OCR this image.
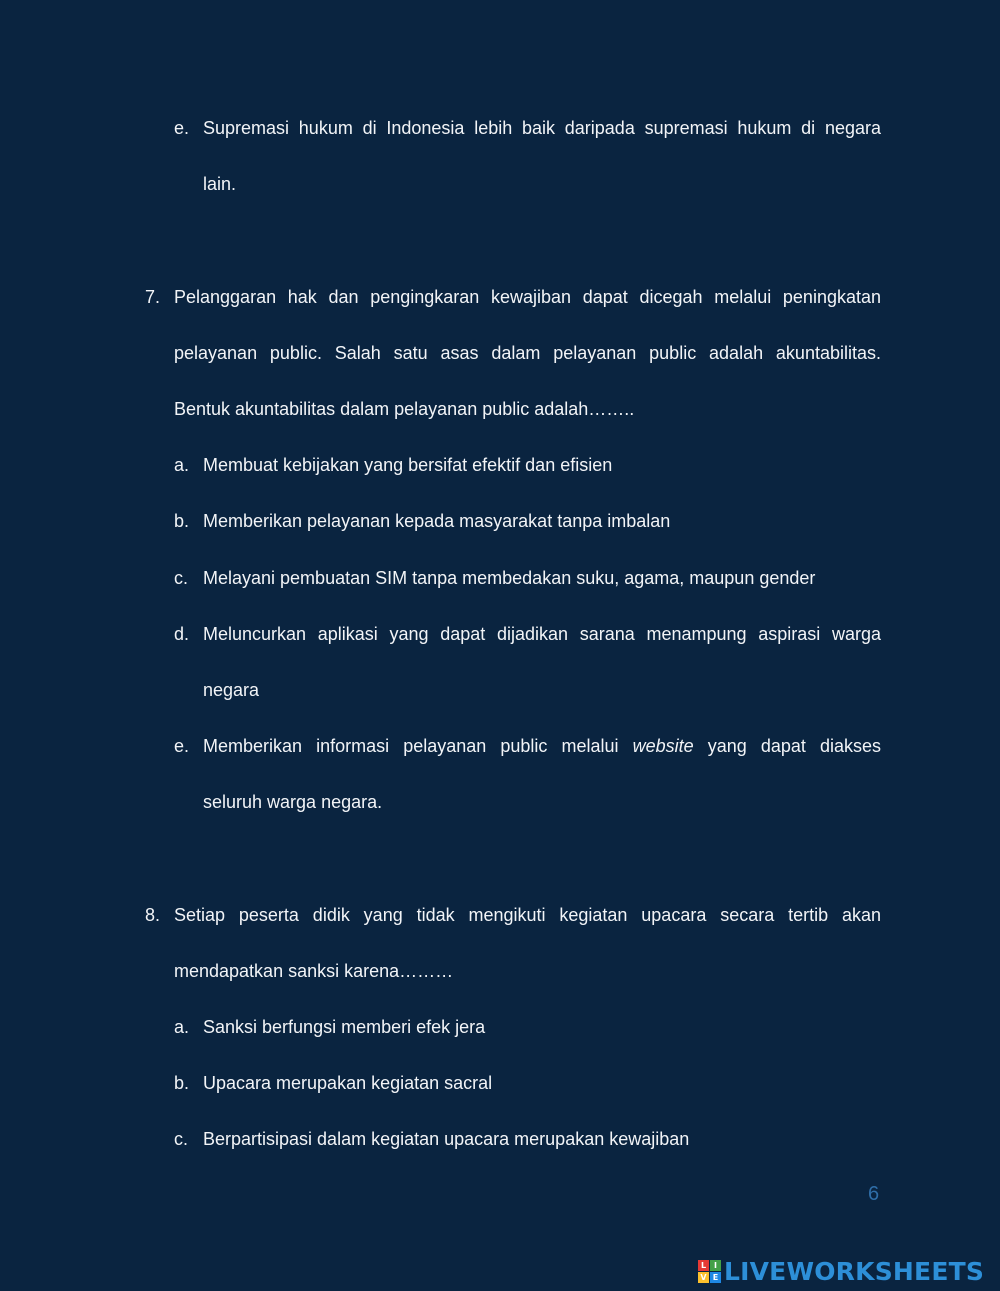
e. Supremasi hukum di Indonesia lebih baik daripada supremasi hukum di negara
lain.
7. Pelanggaran hak dan pengingkaran kewajiban dapat dicegah melalui peningkatan
pelayanan public. Salah satu asas dalam pelayanan public adalah akuntabilitas.
Bentuk akuntabilitas dalam pelayanan public adalah……..
a. Membuat kebijakan yang bersifat efektif dan efisien
b. Memberikan pelayanan kepada masyarakat tanpa imbalan
c. Melayani pembuatan SIM tanpa membedakan suku, agama, maupun gender
d. Meluncurkan aplikasi yang dapat dijadikan sarana menampung aspirasi warga
negara
e. Memberikan informasi pelayanan public melalui website yang dapat diakses
seluruh warga negara.
8. Setiap peserta didik yang tidak mengikuti kegiatan upacara secara tertib akan
mendapatkan sanksi karena………
a. Sanksi berfungsi memberi efek jera
b. Upacara merupakan kegiatan sacral
c. Berpartisipasi dalam kegiatan upacara merupakan kewajiban
6
L I
V E LIVEWORKSHEETS
